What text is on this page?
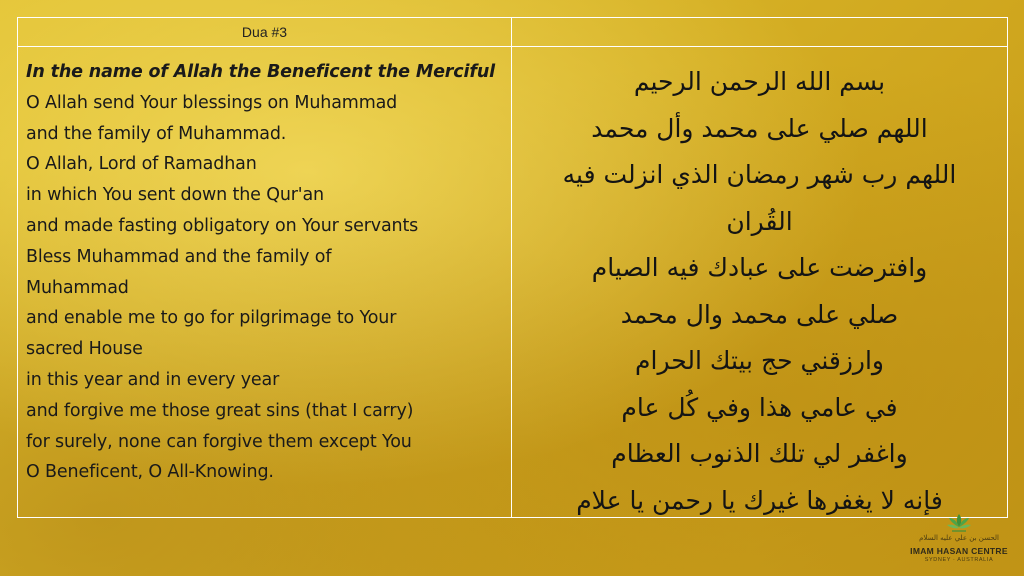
Dua #3
In the name of Allah the Beneficent the Merciful
O Allah send Your blessings on Muhammad
and the family of Muhammad.
O Allah, Lord of Ramadhan
in which You sent down the Qur'an
and made fasting obligatory on Your servants
Bless Muhammad and the family of
Muhammad
and enable me to go for pilgrimage to Your
sacred House
in this year and in every year
and forgive me those great sins (that I carry)
for surely, none can forgive them except You
O Beneficent, O All-Knowing.
بسم الله الرحمن الرحيم
اللهم صلي على محمد وأل محمد
اللهم رب شهر رمضان الذي انزلت فيه
القُران
وافترضت على عبادك فيه الصيام
صلي على محمد وال محمد
وارزقني حج بيتك الحرام
في عامي هذا وفي كُل عام
واغفر لي تلك الذنوب العظام
فإنه لا يغفرها غيرك يا رحمن يا علام
الحسن بن علي عليه السلام
IMAM HASAN CENTRE
SYDNEY · AUSTRALIA
